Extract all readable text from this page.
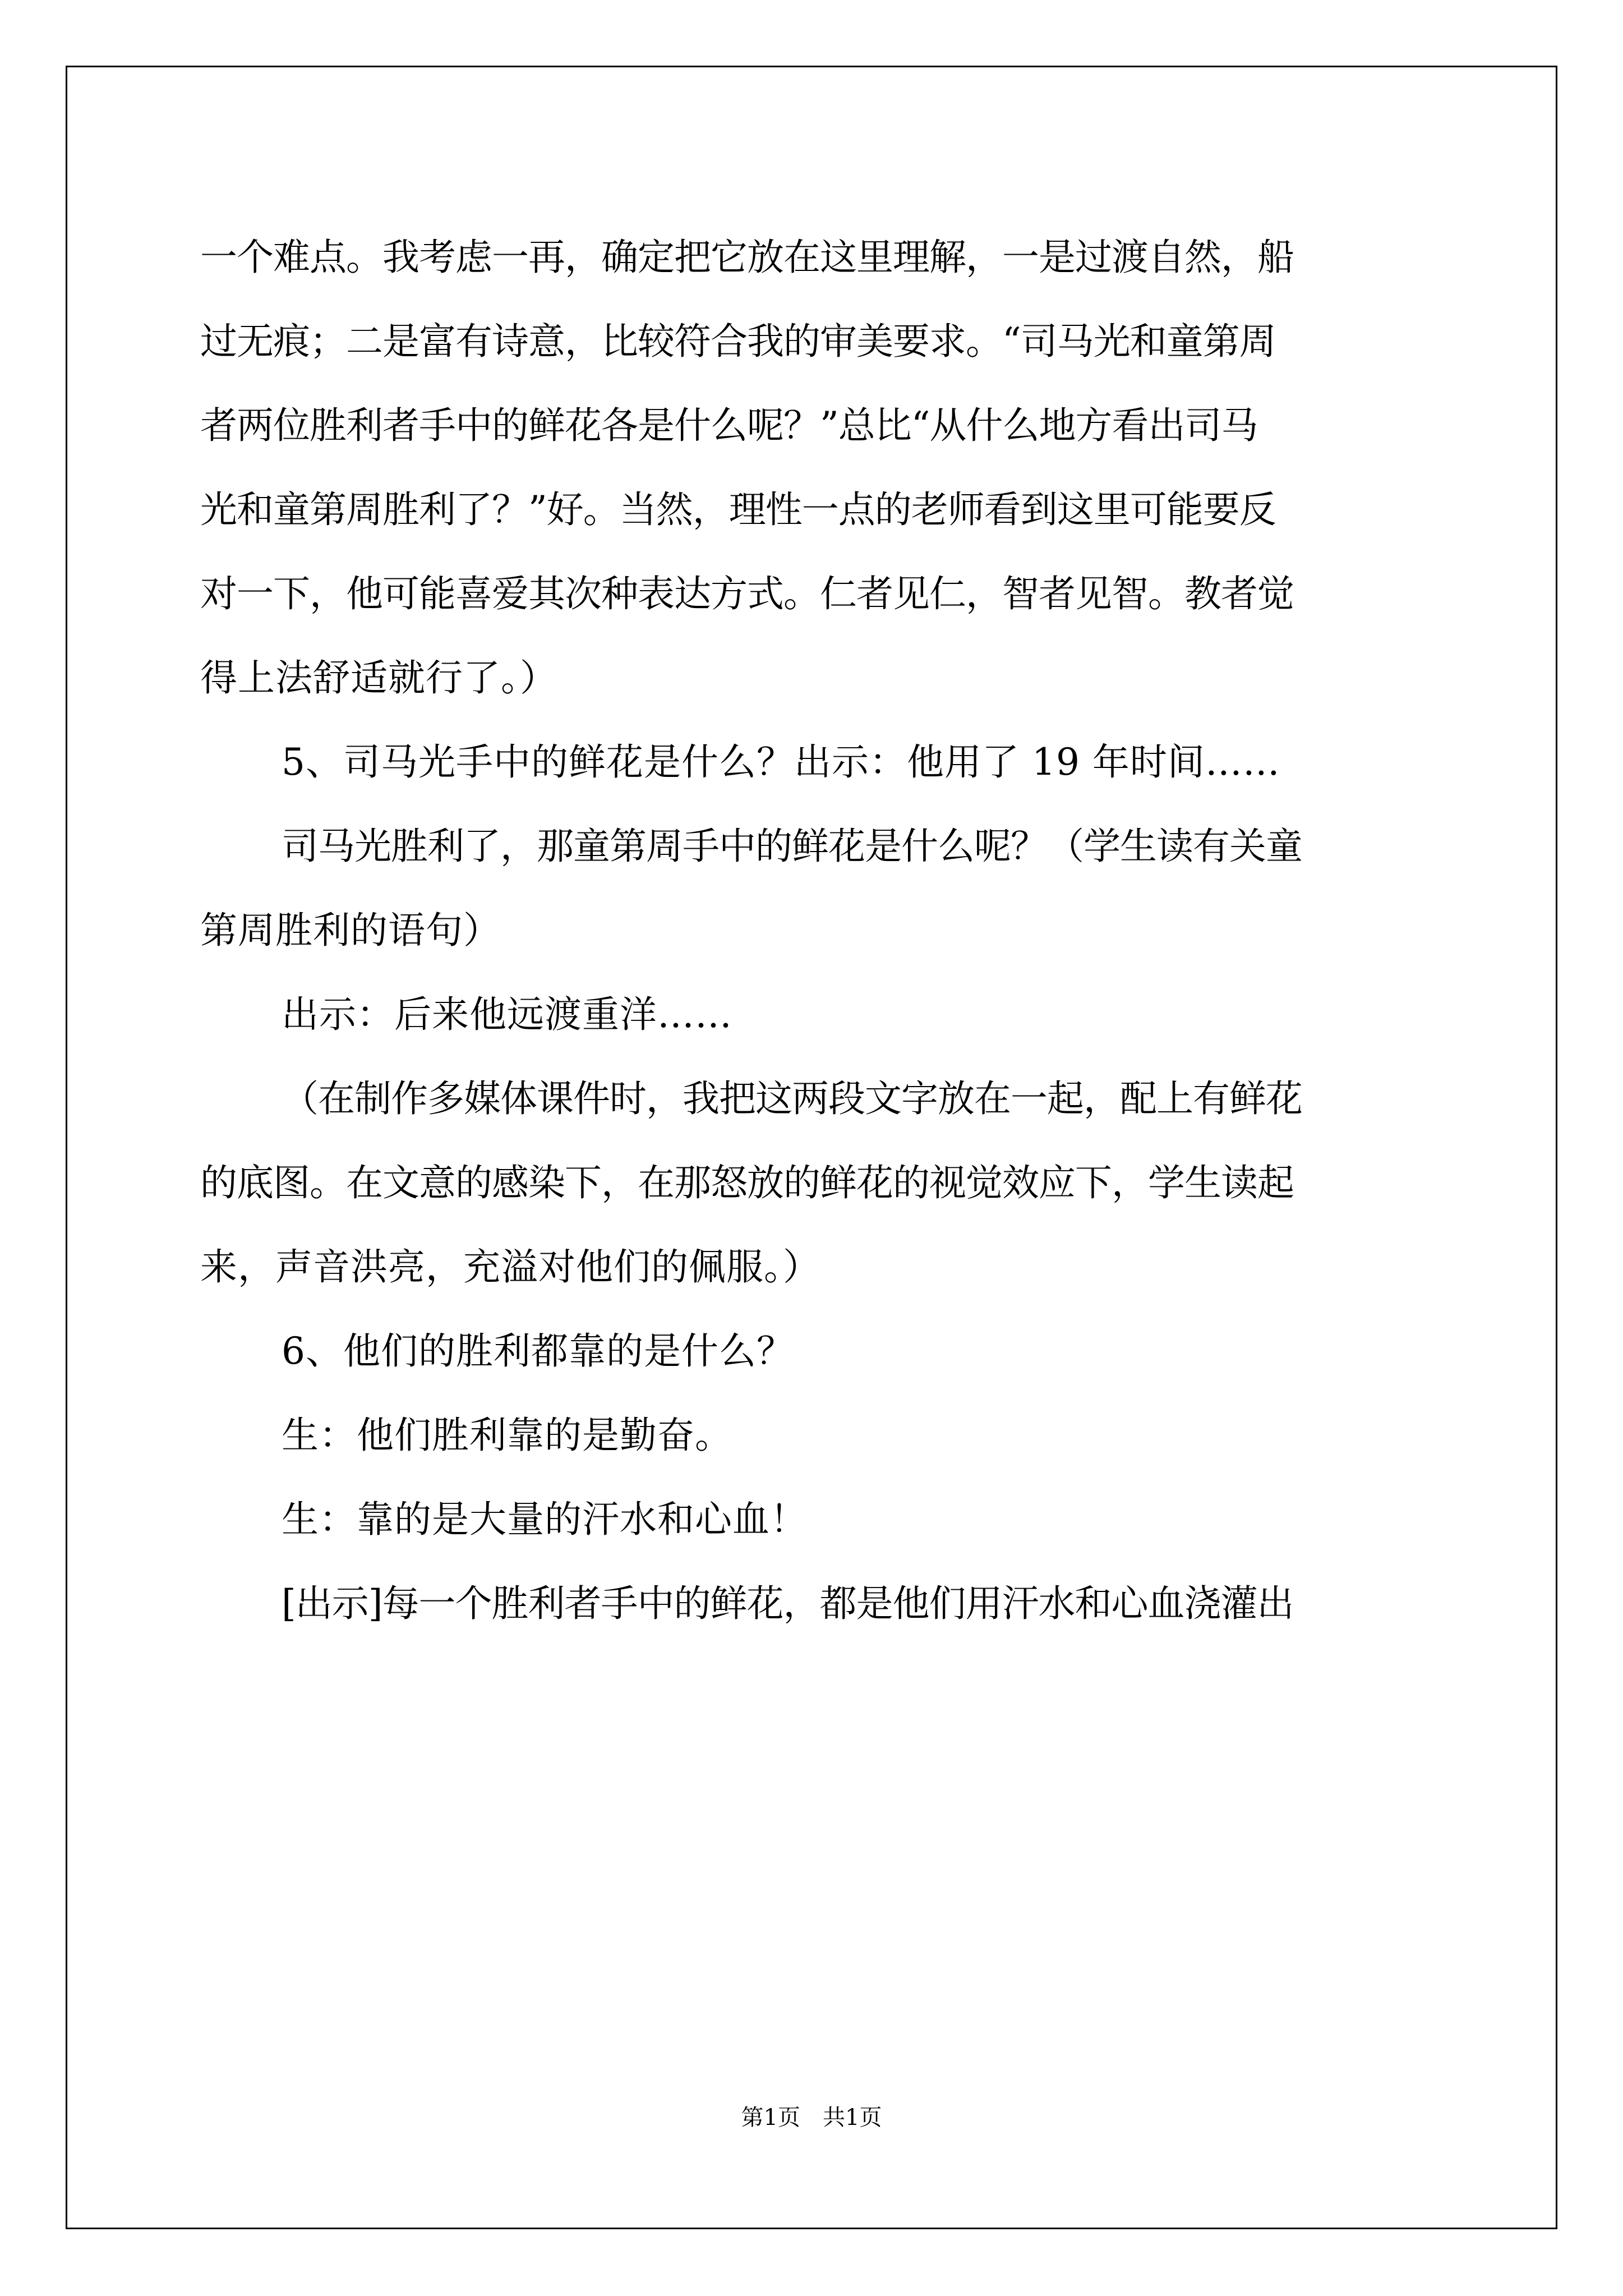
一个难点。我考虑一再，确定把它放在这里理解，一是过渡自然，船
过无痕；二是富有诗意，比较符合我的审美要求。“司马光和童第周
者两位胜利者手中的鲜花各是什么呢？”总比“从什么地方看出司马
光和童第周胜利了？”好。当然，理性一点的老师看到这里可能要反
对一下，他可能喜爱其次种表达方式。仁者见仁，智者见智。教者觉
得上法舒适就行了。）
5、司马光手中的鲜花是什么？出示：他用了 19 年时间……
司马光胜利了，那童第周手中的鲜花是什么呢？（学生读有关童
第周胜利的语句）
出示：后来他远渡重洋……
（在制作多媒体课件时，我把这两段文字放在一起，配上有鲜花
的底图。在文意的感染下，在那怒放的鲜花的视觉效应下，学生读起
来，声音洪亮，充溢对他们的佩服。）
6、他们的胜利都靠的是什么？
生：他们胜利靠的是勤奋。
生：靠的是大量的汗水和心血！
[出示]每一个胜利者手中的鲜花，都是他们用汗水和心血浇灌出
第1页　共1页
